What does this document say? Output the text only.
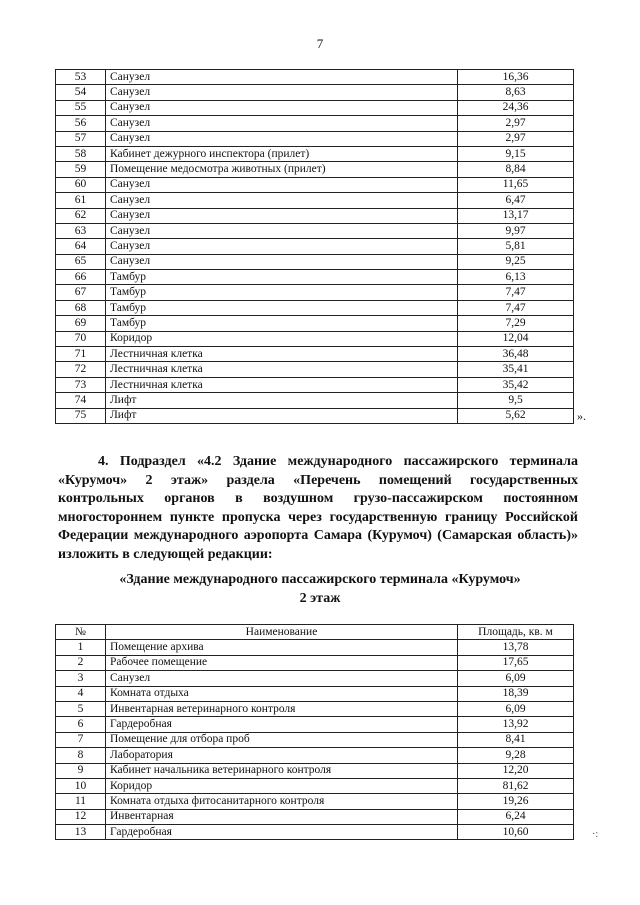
7
53	Санузел	16,36
54	Санузел	8,63
55	Санузел	24,36
56	Санузел	2,97
57	Санузел	2,97
58	Кабинет дежурного инспектора (прилет)	9,15
59	Помещение медосмотра животных (прилет)	8,84
60	Санузел	11,65
61	Санузел	6,47
62	Санузел	13,17
63	Санузел	9,97
64	Санузел	5,81
65	Санузел	9,25
66	Тамбур	6,13
67	Тамбур	7,47
68	Тамбур	7,47
69	Тамбур	7,29
70	Коридор	12,04
71	Лестничная клетка	36,48
72	Лестничная клетка	35,41
73	Лестничная клетка	35,42
74	Лифт	9,5
75	Лифт	5,62	».
4. Подраздел «4.2 Здание международного пассажирского терминала «Курумоч» 2 этаж» раздела «Перечень помещений государственных контрольных органов в воздушном грузо-пассажирском постоянном многостороннем пункте пропуска через государственную границу Российской Федерации международного аэропорта Самара (Курумоч) (Самарская область)» изложить в следующей редакции:
«Здание международного пассажирского терминала «Курумоч»
2 этаж
№	Наименование	Площадь, кв. м
1	Помещение архива	13,78
2	Рабочее помещение	17,65
3	Санузел	6,09
4	Комната отдыха	18,39
5	Инвентарная ветеринарного контроля	6,09
6	Гардеробная	13,92
7	Помещение для отбора проб	8,41
8	Лаборатория	9,28
9	Кабинет начальника ветеринарного контроля	12,20
10	Коридор	81,62
11	Комната отдыха фитосанитарного контроля	19,26
12	Инвентарная	6,24
13	Гардеробная	10,60	·:
